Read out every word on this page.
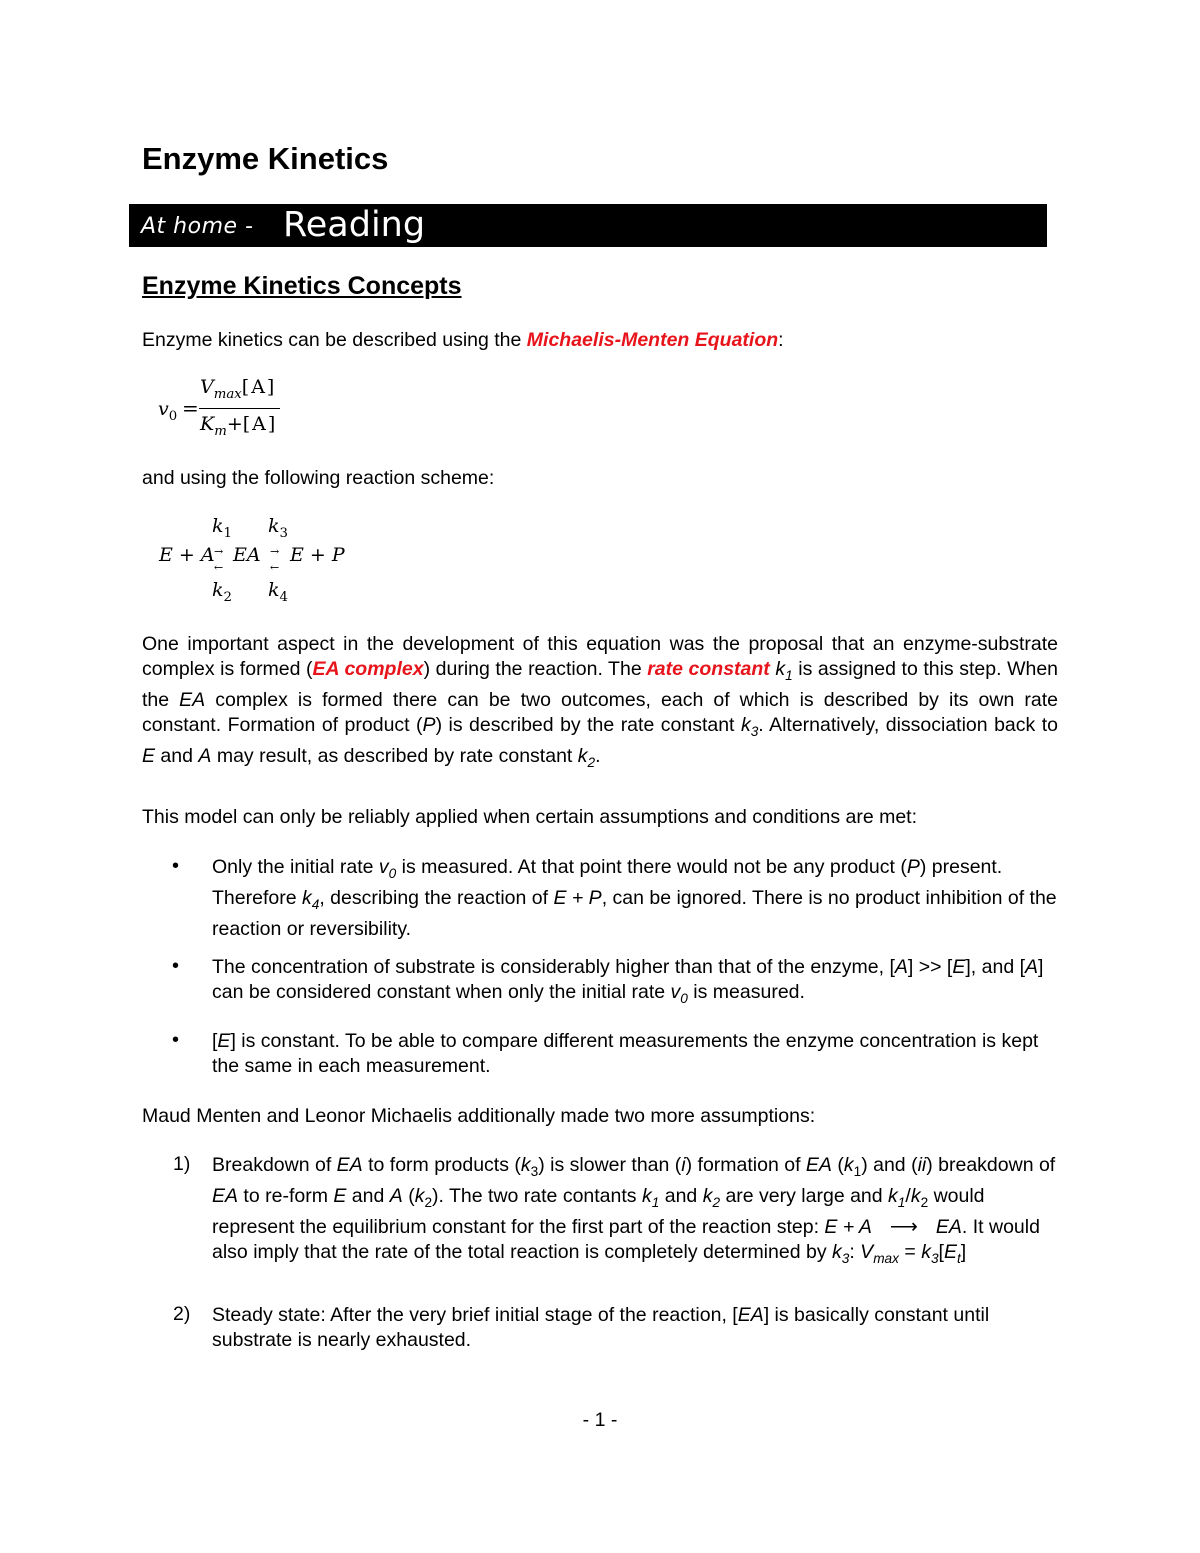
Enzyme Kinetics
At home - Reading
Enzyme Kinetics Concepts

Enzyme kinetics can be described using the Michaelis-Menten Equation:

$v_0$ =
$V_{max}[A]$
$K_m+[A]$

and using the following reaction scheme:

$k_1$ $k_3$
E + A →
←
EA →
←
E + P
$k_2$ $k_4$

One important aspect in the development of this equation was the proposal that an enzyme-substrate complex is formed (EA complex) during the reaction. The rate constant $k_1$ is assigned to this step. When the EA complex is formed there can be two outcomes, each of which is described by its own rate constant. Formation of product (P) is described by the rate constant $k_3$. Alternatively, dissociation back to E and A may result, as described by rate constant $k_2$.

This model can only be reliably applied when certain assumptions and conditions are met:

• Only the initial rate $v_0$ is measured. At that point there would not be any product (P) present. Therefore $k_4$, describing the reaction of E + P, can be ignored. There is no product inhibition of the reaction or reversibility.

• The concentration of substrate is considerably higher than that of the enzyme, [A] >> [E], and [A] can be considered constant when only the initial rate $v_0$ is measured.

• [E] is constant. To be able to compare different measurements the enzyme concentration is kept the same in each measurement.

Maud Menten and Leonor Michaelis additionally made two more assumptions:

1) Breakdown of EA to form products $(k_3)$ is slower than (i) formation of EA $(k_1)$ and (ii) breakdown of EA to re-form E and A $(k_2)$. The two rate contants $k_1$ and $k_2$ are very large and $k_1/k_2$ would represent the equilibrium constant for the first part of the reaction step: E + A ⟶ EA. It would also imply that the rate of the total reaction is completely determined by $k_3$: $V_{max} = k_3[E_t]$

2) Steady state: After the very brief initial stage of the reaction, [EA] is basically constant until substrate is nearly exhausted.

- 1 -
